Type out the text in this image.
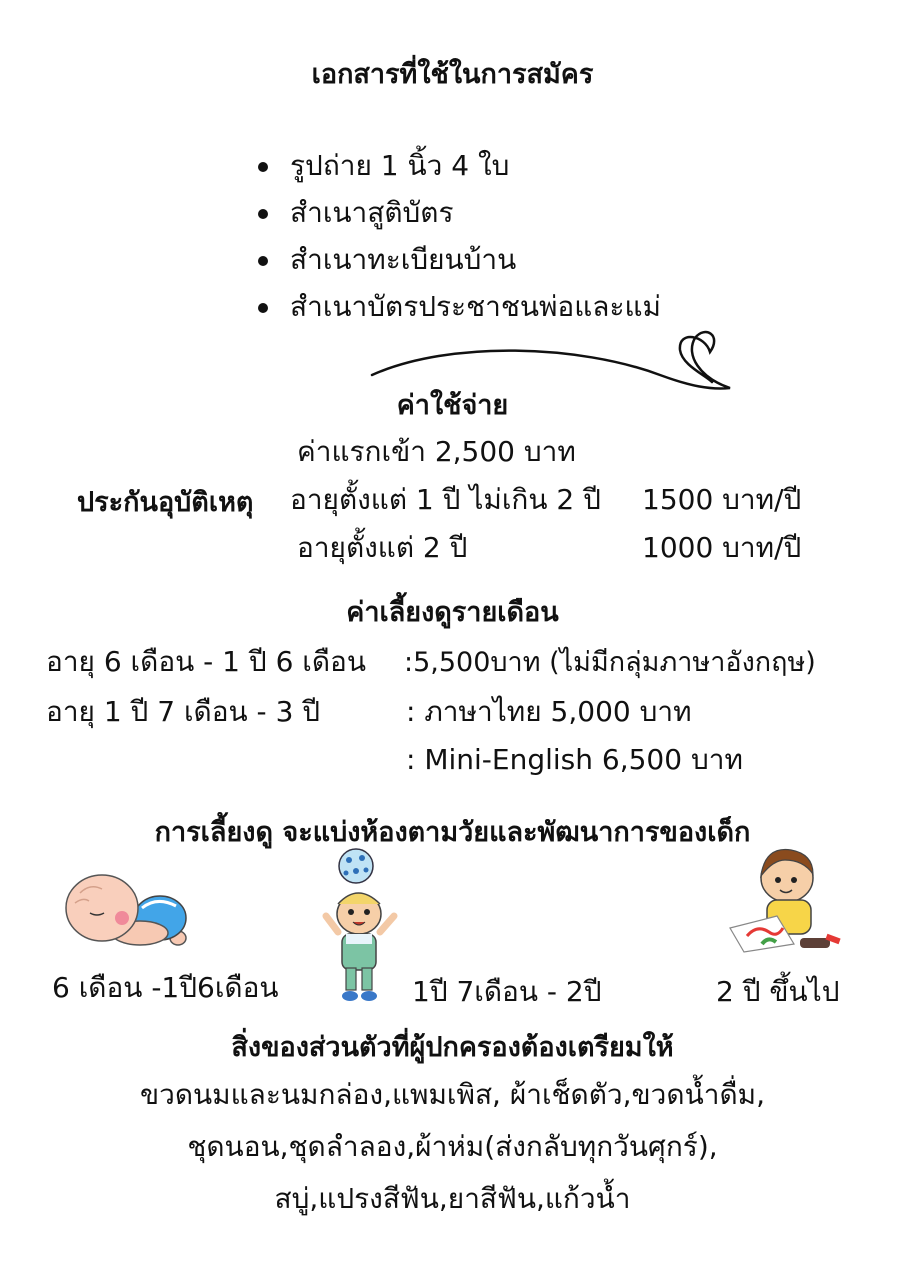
เอกสารที่ใช้ในการสมัคร
รูปถ่าย 1 นิ้ว 4 ใบ
สำเนาสูติบัตร
สำเนาทะเบียนบ้าน
สำเนาบัตรประชาชนพ่อและแม่
ค่าใช้จ่าย
ค่าแรกเข้า 2,500 บาท
ประกันอุบัติเหตุ อายุตั้งแต่ 1 ปี ไม่เกิน 2 ปี 1500 บาท/ปี
อายุตั้งแต่ 2 ปี	1000 บาท/ปี
ค่าเลี้ยงดูรายเดือน
อายุ 6 เดือน - 1 ปี 6 เดือน :5,500บาท (ไม่มีกลุ่มภาษาอังกฤษ)
อายุ 1 ปี 7 เดือน - 3 ปี	: ภาษาไทย 5,000 บาท
: Mini-English 6,500 บาท
การเลี้ยงดู จะแบ่งห้องตามวัยและพัฒนาการของเด็ก
6 เดือน -1ปี6เดือน	1ปี 7เดือน - 2ปี	2 ปี ขึ้นไป
สิ่งของส่วนตัวที่ผู้ปกครองต้องเตรียมให้
ขวดนมและนมกล่อง,แพมเพิส, ผ้าเช็ดตัว,ขวดน้ำดื่ม,
ชุดนอน,ชุดลำลอง,ผ้าห่ม(ส่งกลับทุกวันศุกร์),
สบู่,แปรงสีฟัน,ยาสีฟัน,แก้วน้ำ
